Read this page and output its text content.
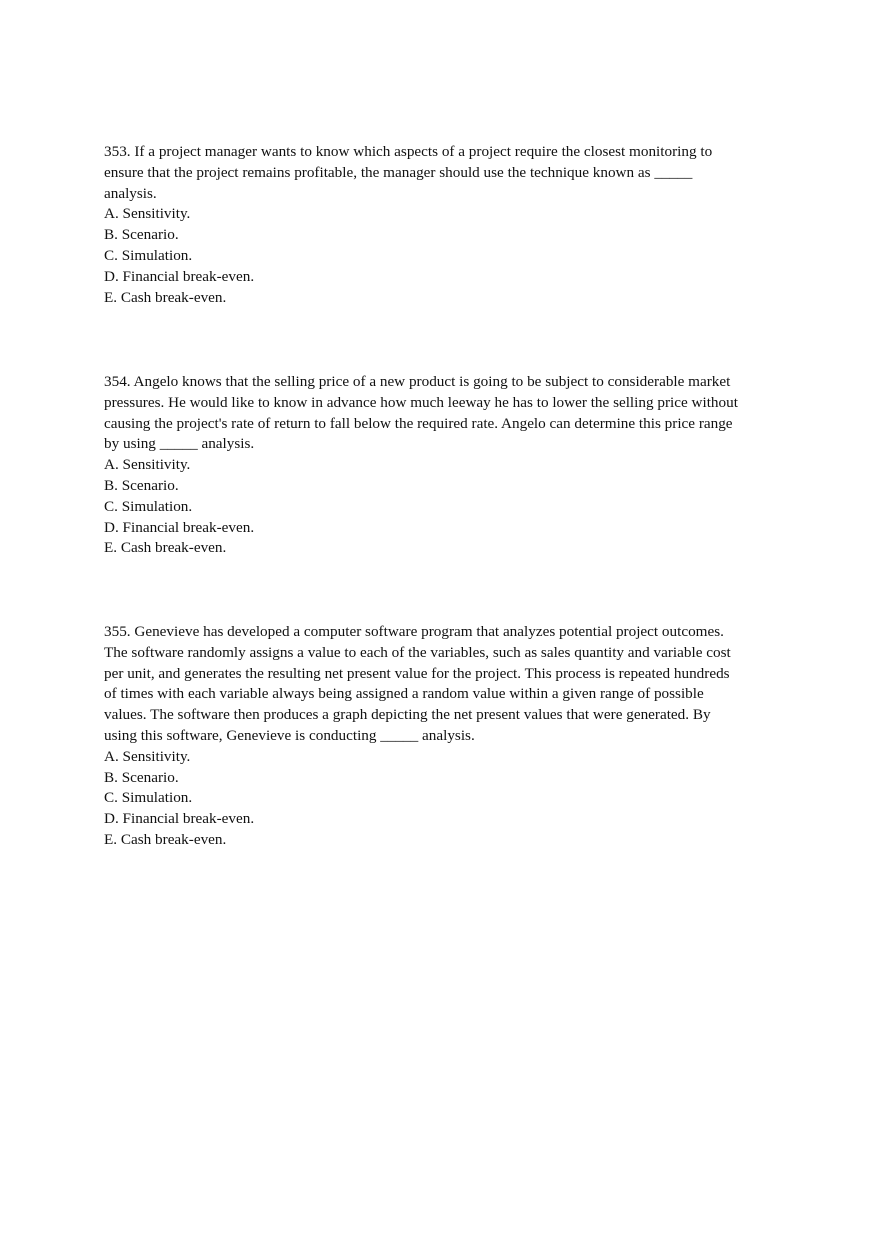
353. If a project manager wants to know which aspects of a project require the closest monitoring to
ensure that the project remains profitable, the manager should use the technique known as _____
analysis.
A. Sensitivity.
B. Scenario.
C. Simulation.
D. Financial break-even.
E. Cash break-even.
354. Angelo knows that the selling price of a new product is going to be subject to considerable market
pressures. He would like to know in advance how much leeway he has to lower the selling price without
causing the project's rate of return to fall below the required rate. Angelo can determine this price range
by using _____ analysis.
A. Sensitivity.
B. Scenario.
C. Simulation.
D. Financial break-even.
E. Cash break-even.
355. Genevieve has developed a computer software program that analyzes potential project outcomes.
The software randomly assigns a value to each of the variables, such as sales quantity and variable cost
per unit, and generates the resulting net present value for the project. This process is repeated hundreds
of times with each variable always being assigned a random value within a given range of possible
values. The software then produces a graph depicting the net present values that were generated. By
using this software, Genevieve is conducting _____ analysis.
A. Sensitivity.
B. Scenario.
C. Simulation.
D. Financial break-even.
E. Cash break-even.
